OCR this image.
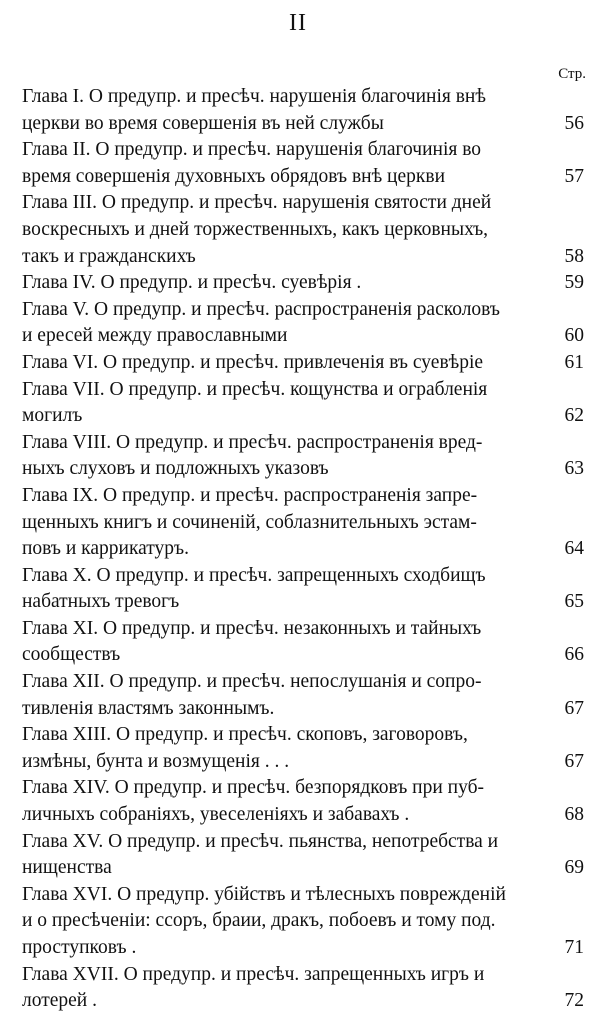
II
Стр.
Глава I. О предупр. и пресѣч. нарушенія благочинія внѣ
церкви во время совершенія въ ней службы	56
Глава II. О предупр. и пресѣч. нарушенія благочинія во
время совершенія духовныхъ обрядовъ внѣ церкви	57
Глава III. О предупр. и пресѣч. нарушенія святости дней
воскресныхъ и дней торжественныхъ, какъ церковныхъ,
такъ и гражданскихъ	58
Глава IV. О предупр. и пресѣч. суевѣрія .	59
Глава V. О предупр. и пресѣч. распространенія расколовъ
и ересей между православными	60
Глава VI. О предупр. и пресѣч. привлеченія въ суевѣріе	61
Глава VII. О предупр. и пресѣч. кощунства и ограбленія
могилъ	62
Глава VIII. О предупр. и пресѣч. распространенія вред-
ныхъ слуховъ и подложныхъ указовъ	63
Глава IX. О предупр. и пресѣч. распространенія запре-
щенныхъ книгъ и сочиненій, соблазнительныхъ эстам-
повъ и каррикатуръ.	64
Глава X. О предупр. и пресѣч. запрещенныхъ сходбищъ
набатныхъ тревогъ	65
Глава XI. О предупр. и пресѣч. незаконныхъ и тайныхъ
сообществъ	66
Глава XII. О предупр. и пресѣч. непослушанія и сопро-
тивленія властямъ законнымъ.	67
Глава XIII. О предупр. и пресѣч. скоповъ, заговоровъ,
измѣны, бунта и возмущенія . . .	67
Глава XIV. О предупр. и пресѣч. безпорядковъ при пуб-
личныхъ собраніяхъ, увеселеніяхъ и забавахъ .	68
Глава XV. О предупр. и пресѣч. пьянства, непотребства и
нищенства	69
Глава XVI. О предупр. убійствъ и тѣлесныхъ поврежденій
и о пресѣченіи: ссоръ, браии, дракъ, побоевъ и тому под.
проступковъ .	71
Глава XVII. О предупр. и пресѣч. запрещенныхъ игръ и
лотерей .	72
